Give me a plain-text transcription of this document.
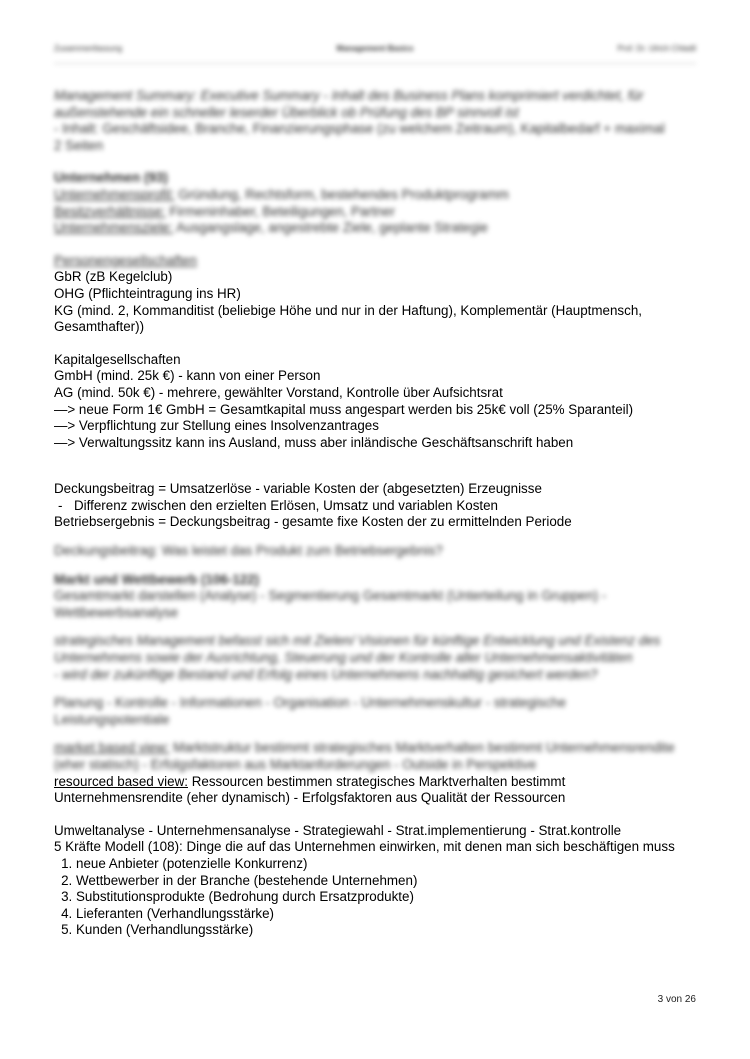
Zusammenfassung	Management Basics	Prof. Dr. Ulrich Chladil
Management Summary: Executive Summary - Inhalt des Business Plans komprimiert verdichtet, für
außenstehende ein schneller leserder Überblick ob Prüfung des BP sinnvoll ist
- Inhalt: Geschäftsidee, Branche, Finanzierungsphase (zu welchem Zeitraum), Kapitalbedarf + maximal
2 Seiten
Unternehmen (93)
Unternehmensprofil: Gründung, Rechtsform, bestehendes Produktprogramm
Besitzverhältnisse: Firmeninhaber, Beteiligungen, Partner
Unternehmensziele: Ausgangslage, angestrebte Ziele, geplante Strategie
Personengesellschaften
GbR (zB Kegelclub)
OHG (Pflichteintragung ins HR)
KG (mind. 2, Kommanditist (beliebige Höhe und nur in der Haftung), Komplementär (Hauptmensch, Gesamthafter))
Kapitalgesellschaften
GmbH (mind. 25k €) - kann von einer Person
AG (mind. 50k €) - mehrere, gewählter Vorstand, Kontrolle über Aufsichtsrat
—> neue Form 1€ GmbH = Gesamtkapital muss angespart werden bis 25k€ voll (25% Sparanteil)
—> Verpflichtung zur Stellung eines Insolvenzantrages
—> Verwaltungssitz kann ins Ausland, muss aber inländische Geschäftsanschrift haben
Deckungsbeitrag = Umsatzerlöse - variable Kosten der (abgesetzten) Erzeugnisse
- Differenz zwischen den erzielten Erlösen, Umsatz und variablen Kosten
Betriebsergebnis = Deckungsbeitrag - gesamte fixe Kosten der zu ermittelnden Periode
Deckungsbeitrag: Was leistet das Produkt zum Betriebsergebnis?
Markt und Wettbewerb (106-122)
Gesamtmarkt darstellen (Analyse) - Segmentierung Gesamtmarkt (Unterteilung in Gruppen) -
Wettbewerbsanalyse
strategisches Management befasst sich mit Zielen/ Visionen für künftige Entwicklung und Existenz des
Unternehmens sowie der Ausrichtung, Steuerung und der Kontrolle aller Unternehmensaktivitäten
- wird der zukünftige Bestand und Erfolg eines Unternehmens nachhaltig gesichert werden?
Planung - Kontrolle - Informationen - Organisation - Unternehmenskultur - strategische
Leistungspotentiale
market based view: Marktstruktur bestimmt strategisches Marktverhalten bestimmt Unternehmensrendite
(eher statisch) - Erfolgsfaktoren aus Marktanforderungen - Outside in Perspektive
resourced based view: Ressourcen bestimmen strategisches Marktverhalten bestimmt
Unternehmensrendite (eher dynamisch) - Erfolgsfaktoren aus Qualität der Ressourcen
Umweltanalyse - Unternehmensanalyse - Strategiewahl - Strat.implementierung - Strat.kontrolle
5 Kräfte Modell (108): Dinge die auf das Unternehmen einwirken, mit denen man sich beschäftigen muss
1. neue Anbieter (potenzielle Konkurrenz)
2. Wettbewerber in der Branche (bestehende Unternehmen)
3. Substitutionsprodukte (Bedrohung durch Ersatzprodukte)
4. Lieferanten (Verhandlungsstärke)
5. Kunden (Verhandlungsstärke)
3 von 26
